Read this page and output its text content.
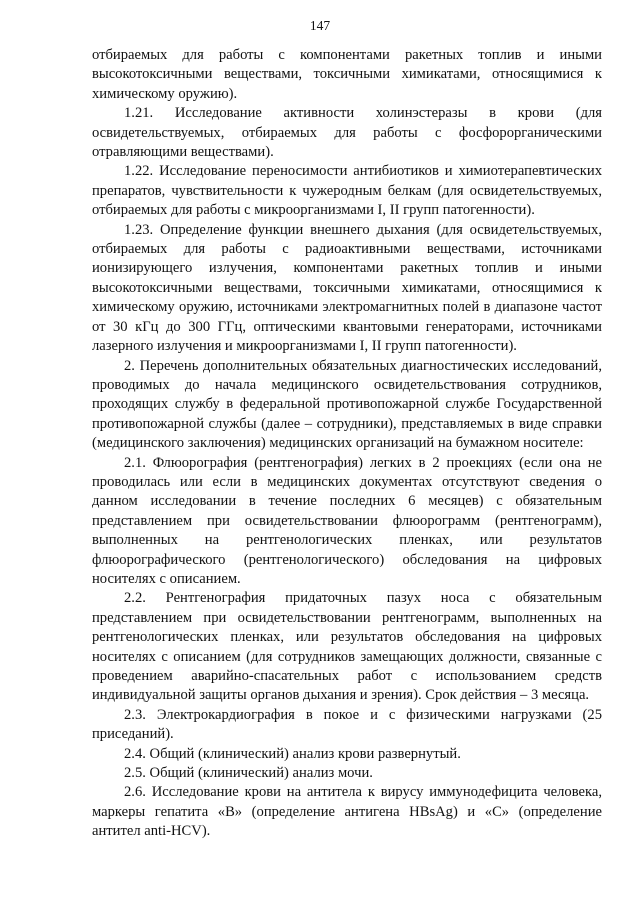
147

отбираемых для работы с компонентами ракетных топлив и иными высокотоксичными веществами, токсичными химикатами, относящимися к химическому оружию).

1.21. Исследование активности холинэстеразы в крови (для освидетельствуемых, отбираемых для работы с фосфорорганическими отравляющими веществами).

1.22. Исследование переносимости антибиотиков и химиотерапевтических препаратов, чувствительности к чужеродным белкам (для освидетельствуемых, отбираемых для работы с микроорганизмами I, II групп патогенности).

1.23. Определение функции внешнего дыхания (для освидетельствуемых, отбираемых для работы с радиоактивными веществами, источниками ионизирующего излучения, компонентами ракетных топлив и иными высокотоксичными веществами, токсичными химикатами, относящимися к химическому оружию, источниками электромагнитных полей в диапазоне частот от 30 кГц до 300 ГГц, оптическими квантовыми генераторами, источниками лазерного излучения и микроорганизмами I, II групп патогенности).

2. Перечень дополнительных обязательных диагностических исследований, проводимых до начала медицинского освидетельствования сотрудников, проходящих службу в федеральной противопожарной службе Государственной противопожарной службы (далее – сотрудники), представляемых в виде справки (медицинского заключения) медицинских организаций на бумажном носителе:

2.1. Флюорография (рентгенография) легких в 2 проекциях (если она не проводилась или если в медицинских документах отсутствуют сведения о данном исследовании в течение последних 6 месяцев) с обязательным представлением при освидетельствовании флюорограмм (рентгенограмм), выполненных на рентгенологических пленках, или результатов флюорографического (рентгенологического) обследования на цифровых носителях с описанием.

2.2. Рентгенография придаточных пазух носа с обязательным представлением при освидетельствовании рентгенограмм, выполненных на рентгенологических пленках, или результатов обследования на цифровых носителях с описанием (для сотрудников замещающих должности, связанные с проведением аварийно-спасательных работ с использованием средств индивидуальной защиты органов дыхания и зрения). Срок действия – 3 месяца.

2.3. Электрокардиография в покое и с физическими нагрузками (25 приседаний).

2.4. Общий (клинический) анализ крови развернутый.

2.5. Общий (клинический) анализ мочи.

2.6. Исследование крови на антитела к вирусу иммунодефицита человека, маркеры гепатита «В» (определение антигена HBsAg) и «С» (определение антител anti-HCV).
